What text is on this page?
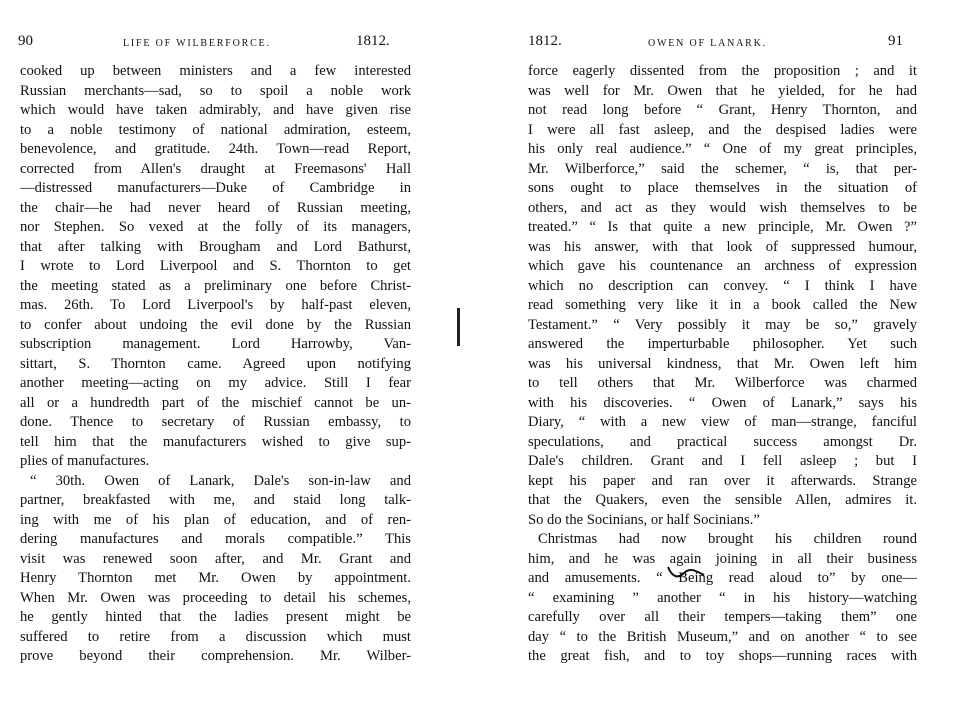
90	LIFE OF WILBERFORCE.	1812.
cooked up between ministers and a few interested
Russian merchants—sad, so to spoil a noble work
which would have taken admirably, and have given rise
to a noble testimony of national admiration, esteem,
benevolence, and gratitude. 24th. Town—read Report,
corrected from Allen's draught at Freemasons' Hall
—distressed manufacturers—Duke of Cambridge in
the chair—he had never heard of Russian meeting,
nor Stephen. So vexed at the folly of its managers,
that after talking with Brougham and Lord Bathurst,
I wrote to Lord Liverpool and S. Thornton to get
the meeting stated as a preliminary one before Christ-
mas. 26th. To Lord Liverpool's by half-past eleven,
to confer about undoing the evil done by the Russian
subscription management. Lord Harrowby, Van-
sittart, S. Thornton came. Agreed upon notifying
another meeting—acting on my advice. Still I fear
all or a hundredth part of the mischief cannot be un-
done. Thence to secretary of Russian embassy, to
tell him that the manufacturers wished to give sup-
plies of manufactures.
“ 30th. Owen of Lanark, Dale's son-in-law and
partner, breakfasted with me, and staid long talk-
ing with me of his plan of education, and of ren-
dering manufactures and morals compatible.” This
visit was renewed soon after, and Mr. Grant and
Henry Thornton met Mr. Owen by appointment.
When Mr. Owen was proceeding to detail his schemes,
he gently hinted that the ladies present might be
suffered to retire from a discussion which must
prove beyond their comprehension. Mr. Wilber-
1812.	OWEN OF LANARK.	91
force eagerly dissented from the proposition ; and it
was well for Mr. Owen that he yielded, for he had
not read long before “ Grant, Henry Thornton, and
I were all fast asleep, and the despised ladies were
his only real audience.” “ One of my great principles,
Mr. Wilberforce,” said the schemer, “ is, that per-
sons ought to place themselves in the situation of
others, and act as they would wish themselves to be
treated.” “ Is that quite a new principle, Mr. Owen ?”
was his answer, with that look of suppressed humour,
which gave his countenance an archness of expression
which no description can convey. “ I think I have
read something very like it in a book called the New
Testament.” “ Very possibly it may be so,” gravely
answered the imperturbable philosopher. Yet such
was his universal kindness, that Mr. Owen left him
to tell others that Mr. Wilberforce was charmed
with his discoveries. “ Owen of Lanark,” says his
Diary, “ with a new view of man—strange, fanciful
speculations, and practical success amongst Dr.
Dale's children. Grant and I fell asleep ; but I
kept his paper and ran over it afterwards. Strange
that the Quakers, even the sensible Allen, admires it.
So do the Socinians, or half Socinians.”
Christmas had now brought his children round
him, and he was again joining in all their business
and amusements. “ Being read aloud to” by one—
“ examining ” another “ in his history—watching
carefully over all their tempers—taking them” one
day “ to the British Museum,” and on another “ to see
the great fish, and to toy shops—running races with
